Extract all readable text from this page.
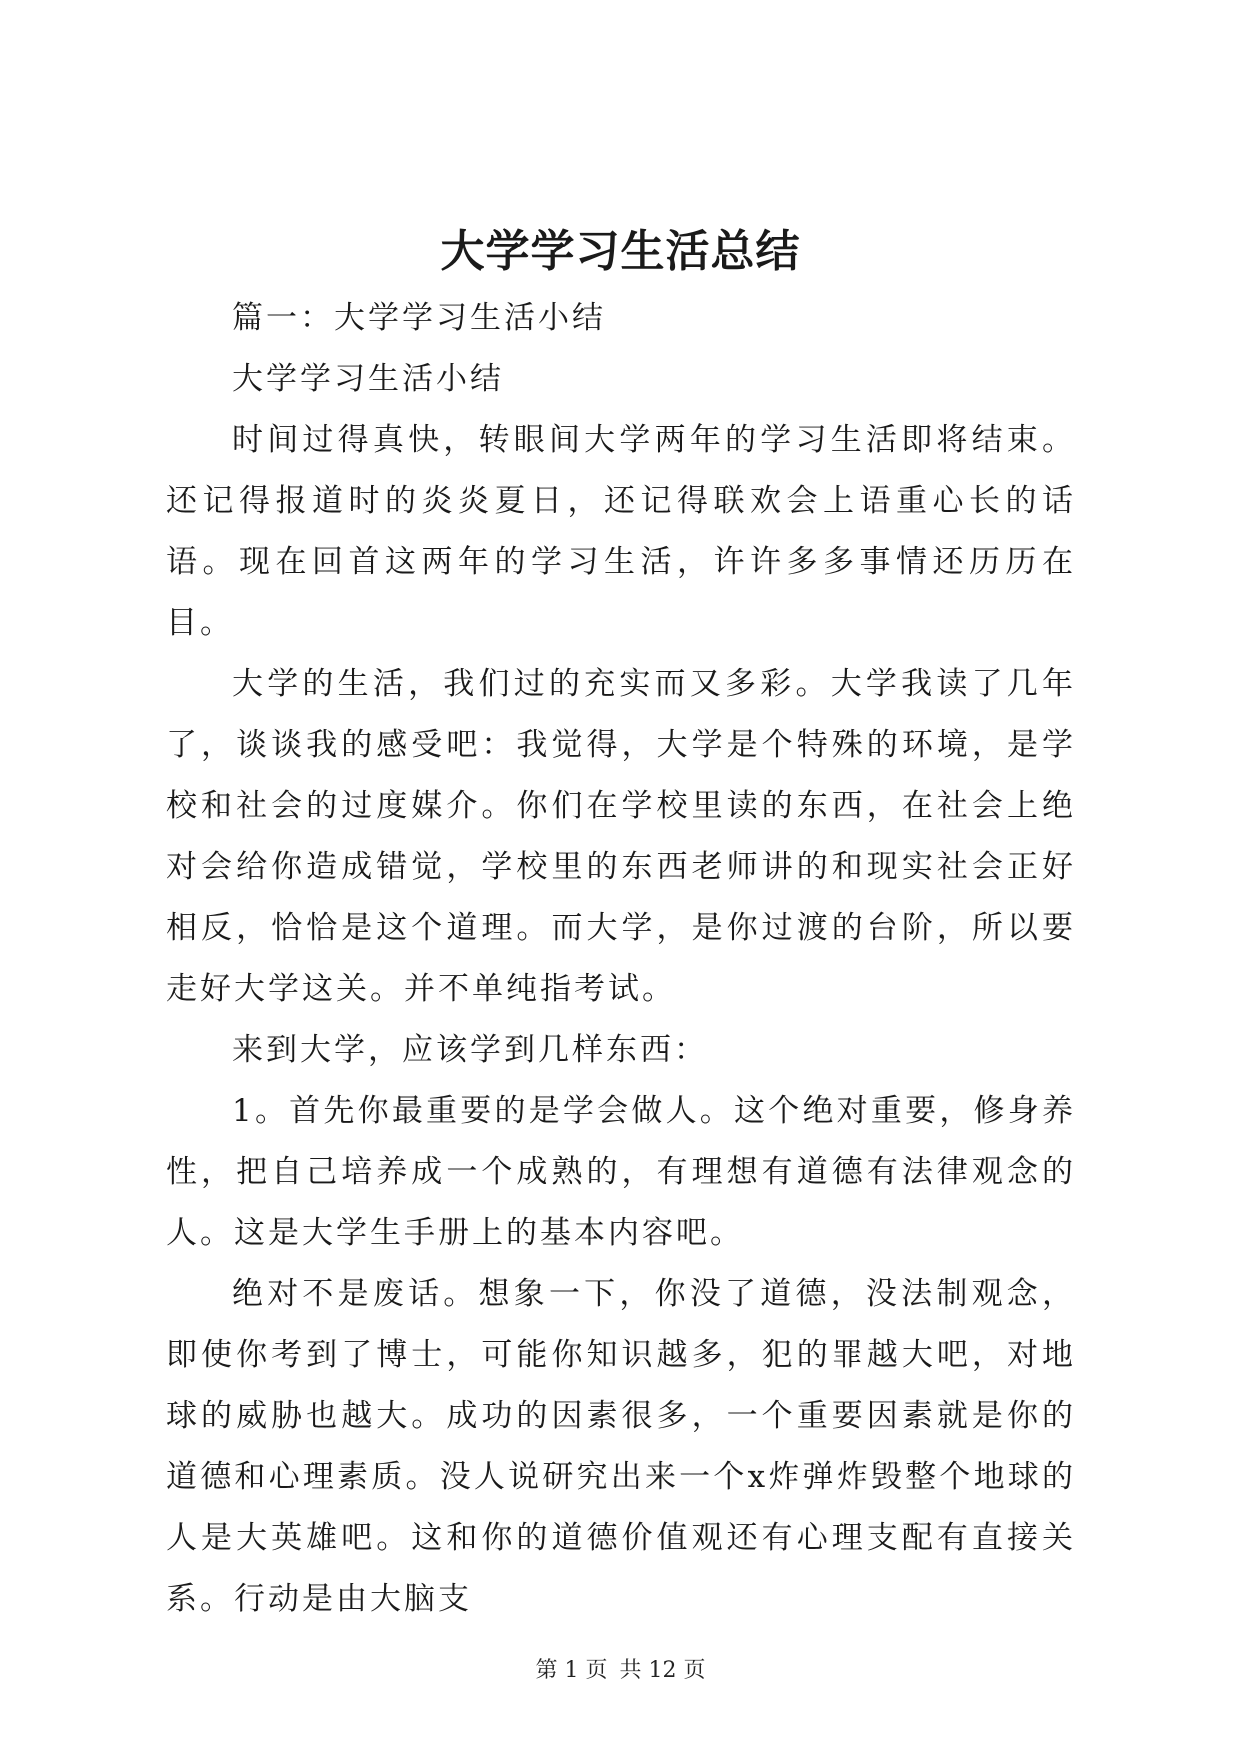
大学学习生活总结

篇一：大学学习生活小结

大学学习生活小结

时间过得真快，转眼间大学两年的学习生活即将结束。还记得报道时的炎炎夏日，还记得联欢会上语重心长的话语。现在回首这两年的学习生活，许许多多事情还历历在目。

大学的生活，我们过的充实而又多彩。大学我读了几年了，谈谈我的感受吧：我觉得，大学是个特殊的环境，是学校和社会的过度媒介。你们在学校里读的东西，在社会上绝对会给你造成错觉，学校里的东西老师讲的和现实社会正好相反，恰恰是这个道理。而大学，是你过渡的台阶，所以要走好大学这关。并不单纯指考试。

来到大学，应该学到几样东西：

1。首先你最重要的是学会做人。这个绝对重要，修身养性，把自己培养成一个成熟的，有理想有道德有法律观念的人。这是大学生手册上的基本内容吧。

绝对不是废话。想象一下，你没了道德，没法制观念，即使你考到了博士，可能你知识越多，犯的罪越大吧，对地球的威胁也越大。成功的因素很多，一个重要因素就是你的道德和心理素质。没人说研究出来一个x炸弹炸毁整个地球的人是大英雄吧。这和你的道德价值观还有心理支配有直接关系。行动是由大脑支

第 1 页 共 12 页
